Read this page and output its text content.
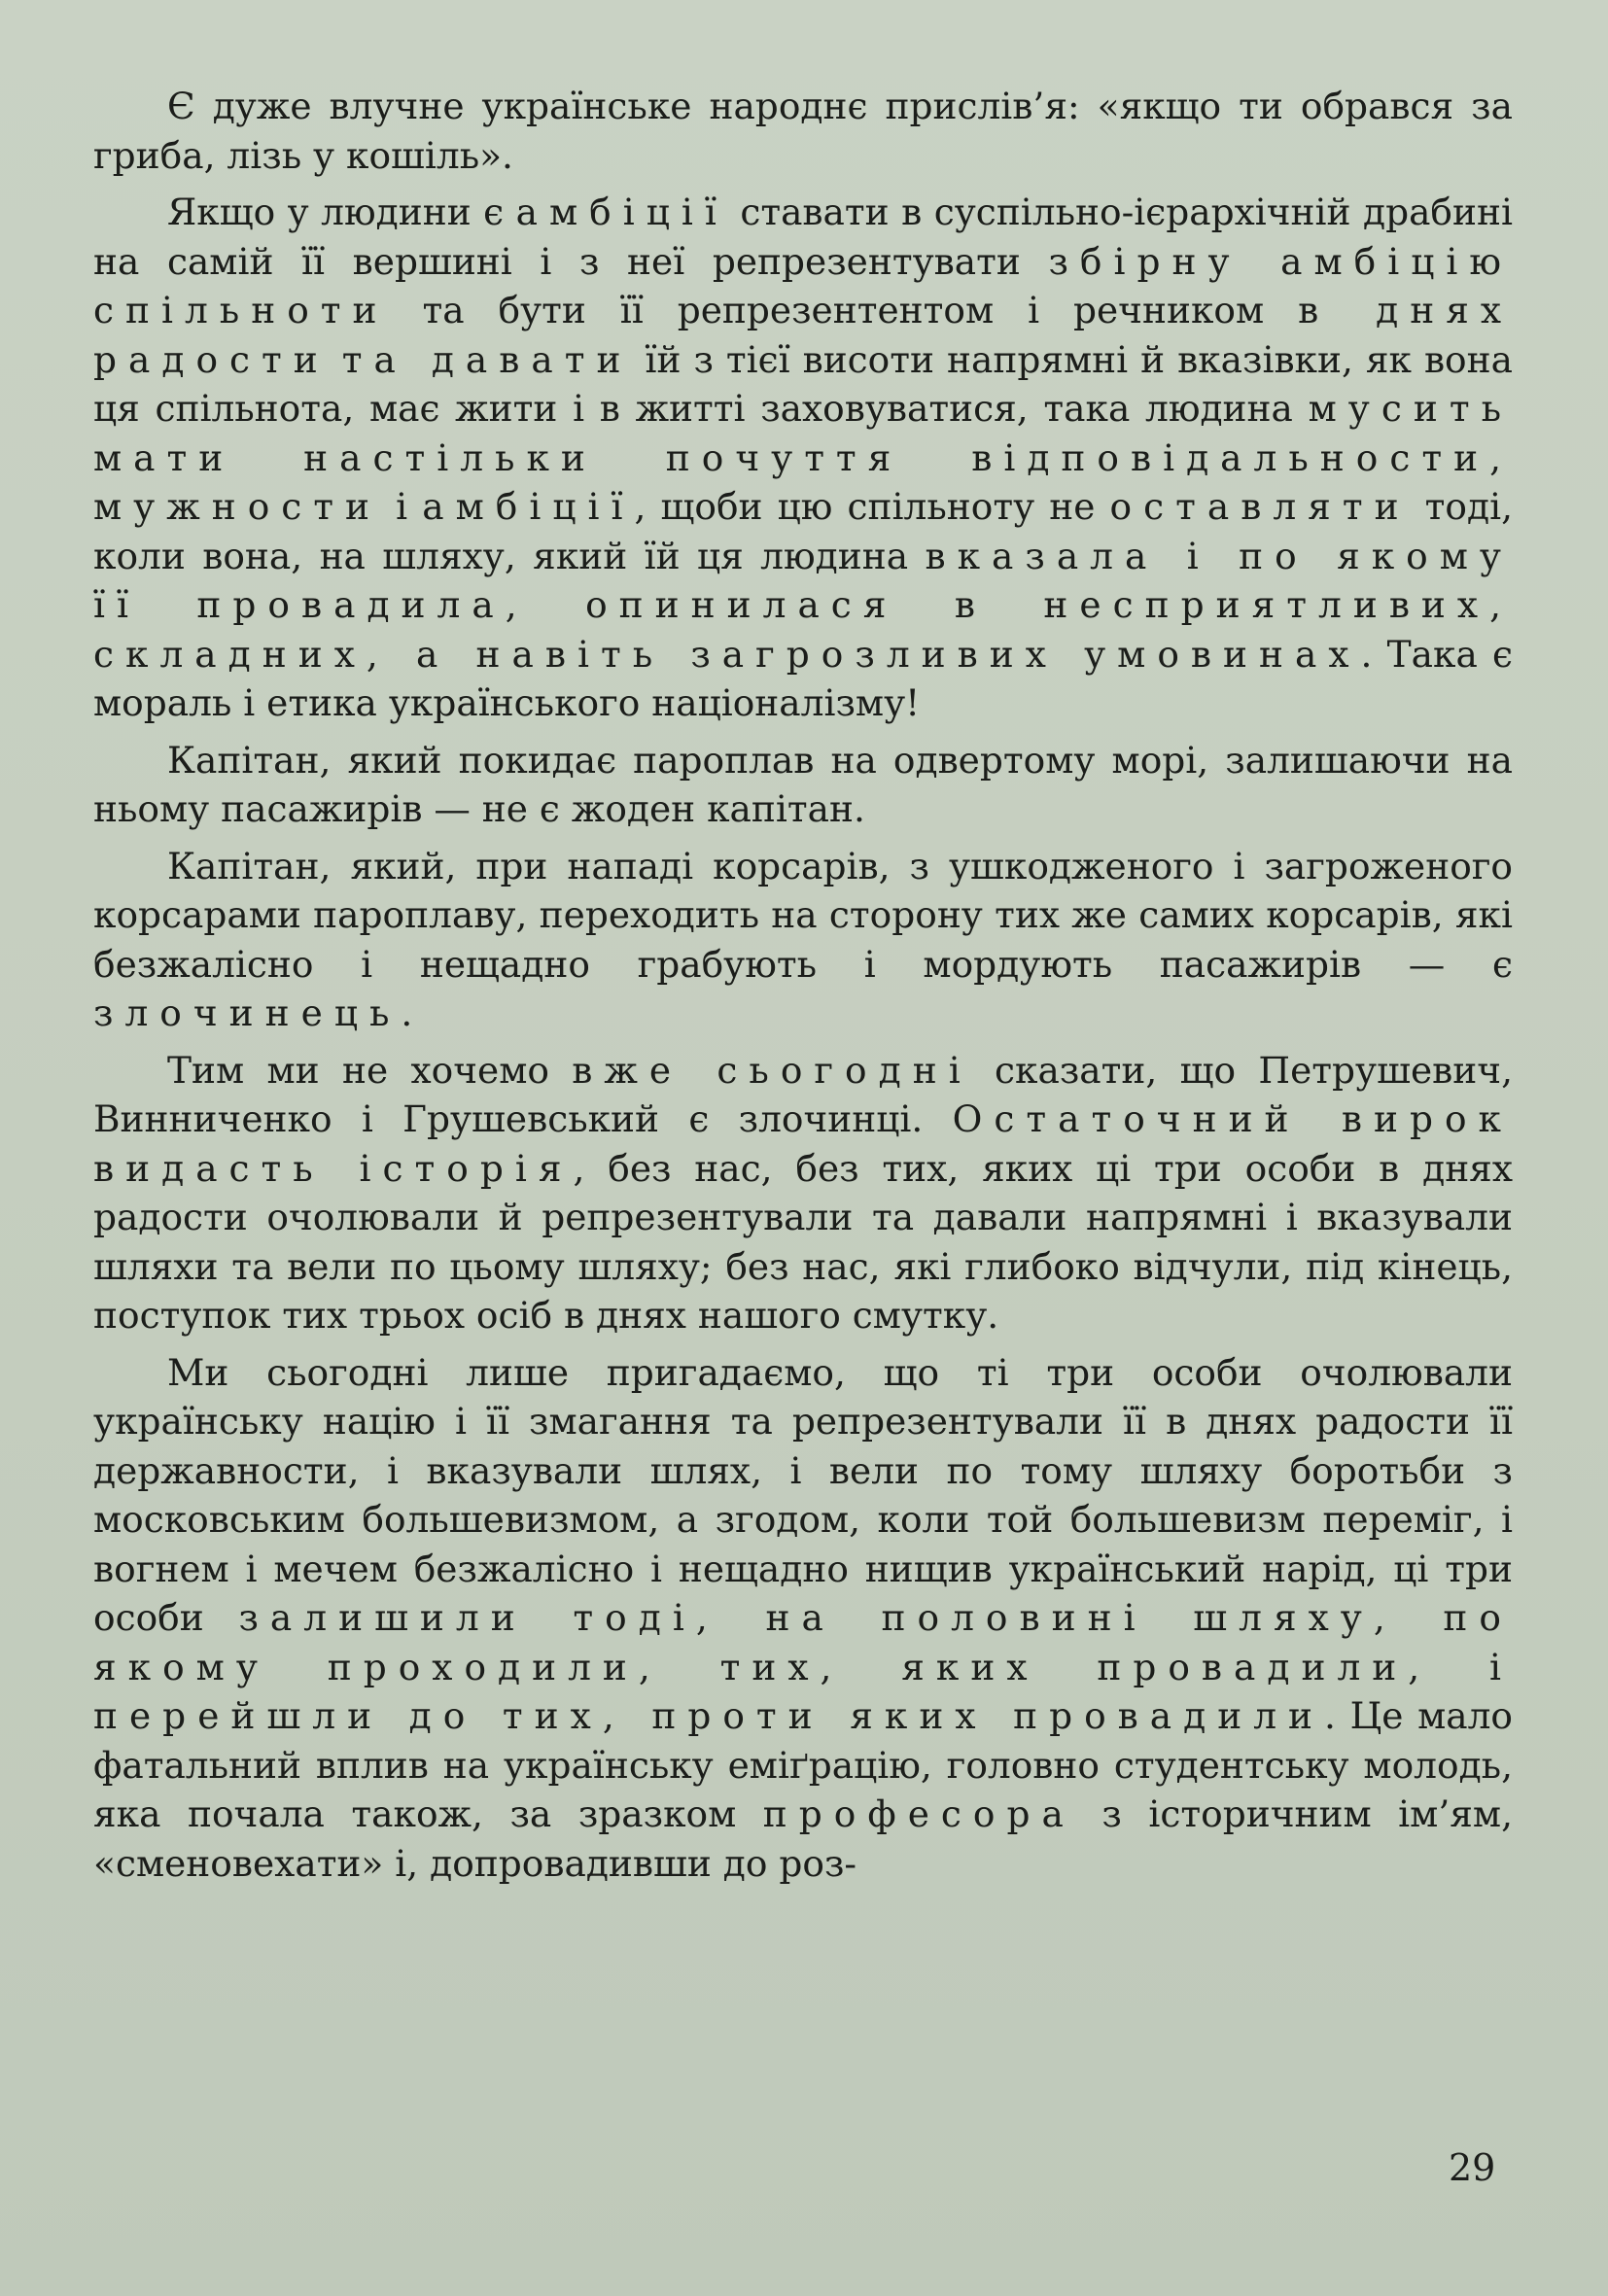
Є дуже влучне українське народнє прислів’я: «якщо ти обрався за гриба, лізь у кошіль».

Якщо у людини є амбіції ставати в суспільно-ієрархічній драбині на самій її вершині і з неї репрезентувати збірну амбіцію спільноти та бути її репрезентентом і речником в днях радости та давати їй з тієї висоти напрямні й вказівки, як вона ця спільнота, має жити і в житті заховуватися, така людина мусить мати настільки почуття відповідальности, мужности і амбіції, щоби цю спільноту не оставляти тоді, коли вона, на шляху, який їй ця людина вказала і по якому її провадила, опинилася в несприятливих, складних, а навіть загрозливих умовинах. Така є мораль і етика українського націоналізму!

Капітан, який покидає пароплав на одвертому морі, залишаючи на ньому пасажирів — не є жоден капітан.

Капітан, який, при нападі корсарів, з ушкодженого і загроженого корсарами пароплаву, переходить на сторону тих же самих корсарів, які безжалісно і нещадно грабують і мордують пасажирів — є злочинець.

Тим ми не хочемо вже сьогодні сказати, що Петрушевич, Винниченко і Грушевський є злочинці. Остаточний вирок видасть історія, без нас, без тих, яких ці три особи в днях радости очолювали й репрезентували та давали напрямні і вказували шляхи та вели по цьому шляху; без нас, які глибоко відчули, під кінець, поступок тих трьох осіб в днях нашого смутку.

Ми сьогодні лише пригадаємо, що ті три особи очолювали українську націю і її змагання та репрезентували її в днях радости її державности, і вказували шлях, і вели по тому шляху боротьби з московським большевизмом, а згодом, коли той большевизм переміг, і вогнем і мечем безжалісно і нещадно нищив український нарід, ці три особи залишили тоді, на половині шляху, по якому проходили, тих, яких провадили, і перейшли до тих, проти яких провадили. Це мало фатальний вплив на українську еміґрацію, головно студентську молодь, яка почала також, за зразком професора з історичним ім’ям, «сменовехати» і, допровадивши до роз-

29
